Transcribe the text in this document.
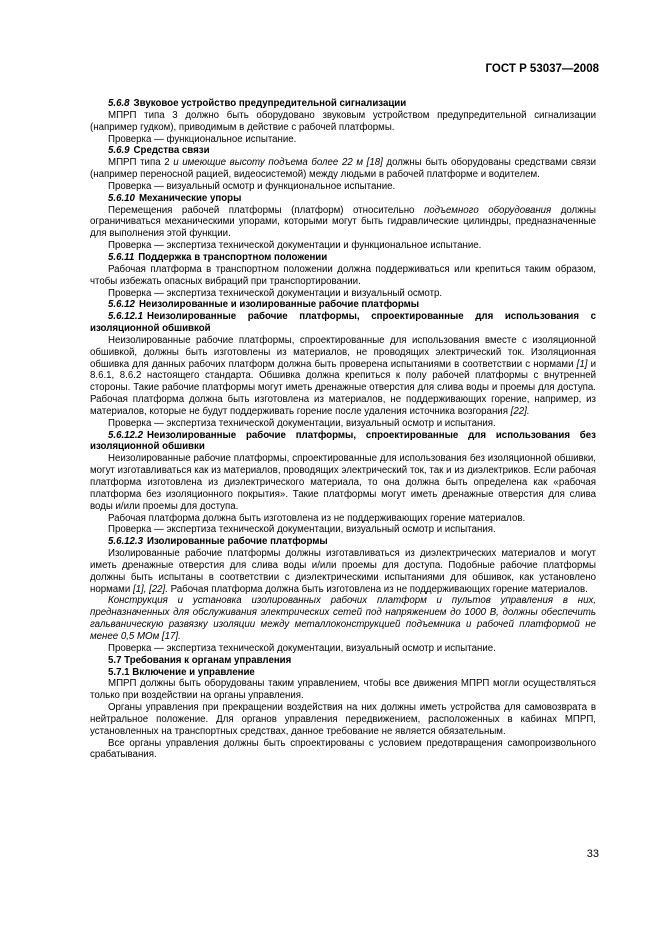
ГОСТ Р 53037—2008

5.6.8 Звуковое устройство предупредительной сигнализации

МПРП типа 3 должно быть оборудовано звуковым устройством предупредительной сигнализации (например гудком), приводимым в действие с рабочей платформы.

Проверка — функциональное испытание.

5.6.9 Средства связи

МПРП типа 2 и имеющие высоту подъема более 22 м [18] должны быть оборудованы средствами связи (например переносной рацией, видеосистемой) между людьми в рабочей платформе и водителем.

Проверка — визуальный осмотр и функциональное испытание.

5.6.10 Механические упоры

Перемещения рабочей платформы (платформ) относительно подъемного оборудования должны ограничиваться механическими упорами, которыми могут быть гидравлические цилиндры, предназначенные для выполнения этой функции.

Проверка — экспертиза технической документации и функциональное испытание.

5.6.11 Поддержка в транспортном положении

Рабочая платформа в транспортном положении должна поддерживаться или крепиться таким образом, чтобы избежать опасных вибраций при транспортировании.

Проверка — экспертиза технической документации и визуальный осмотр.

5.6.12 Неизолированные и изолированные рабочие платформы

5.6.12.1 Неизолированные рабочие платформы, спроектированные для использования с изоляционной обшивкой

Неизолированные рабочие платформы, спроектированные для использования вместе с изоляционной обшивкой, должны быть изготовлены из материалов, не проводящих электрический ток. Изоляционная обшивка для данных рабочих платформ должна быть проверена испытаниями в соответствии с нормами [1] и 8.6.1, 8.6.2 настоящего стандарта. Обшивка должна крепиться к полу рабочей платформы с внутренней стороны. Такие рабочие платформы могут иметь дренажные отверстия для слива воды и проемы для доступа. Рабочая платформа должна быть изготовлена из материалов, не поддерживающих горение, например, из материалов, которые не будут поддерживать горение после удаления источника возгорания [22].

Проверка — экспертиза технической документации, визуальный осмотр и испытания.

5.6.12.2 Неизолированные рабочие платформы, спроектированные для использования без изоляционной обшивки

Неизолированные рабочие платформы, спроектированные для использования без изоляционной обшивки, могут изготавливаться как из материалов, проводящих электрический ток, так и из диэлектриков. Если рабочая платформа изготовлена из диэлектрического материала, то она должна быть определена как «рабочая платформа без изоляционного покрытия». Такие платформы могут иметь дренажные отверстия для слива воды и/или проемы для доступа.

Рабочая платформа должна быть изготовлена из не поддерживающих горение материалов.

Проверка — экспертиза технической документации, визуальный осмотр и испытания.

5.6.12.3 Изолированные рабочие платформы

Изолированные рабочие платформы должны изготавливаться из диэлектрических материалов и могут иметь дренажные отверстия для слива воды и/или проемы для доступа. Подобные рабочие платформы должны быть испытаны в соответствии с диэлектрическими испытаниями для обшивок, как установлено нормами [1], [22]. Рабочая платформа должна быть изготовлена из не поддерживающих горение материалов.

Конструкция и установка изолированных рабочих платформ и пультов управления в них, предназначенных для обслуживания электрических сетей под напряжением до 1000 В, должны обеспечить гальваническую развязку изоляции между металлоконструкцией подъемника и рабочей платформой не менее 0,5 МОм [17].

Проверка — экспертиза технической документации, визуальный осмотр и испытание.

5.7 Требования к органам управления

5.7.1 Включение и управление

МПРП должны быть оборудованы таким управлением, чтобы все движения МПРП могли осуществляться только при воздействии на органы управления.

Органы управления при прекращении воздействия на них должны иметь устройства для самовозврата в нейтральное положение. Для органов управления передвижением, расположенных в кабинах МПРП, установленных на транспортных средствах, данное требование не является обязательным.

Все органы управления должны быть спроектированы с условием предотвращения самопроизвольного срабатывания.

33
